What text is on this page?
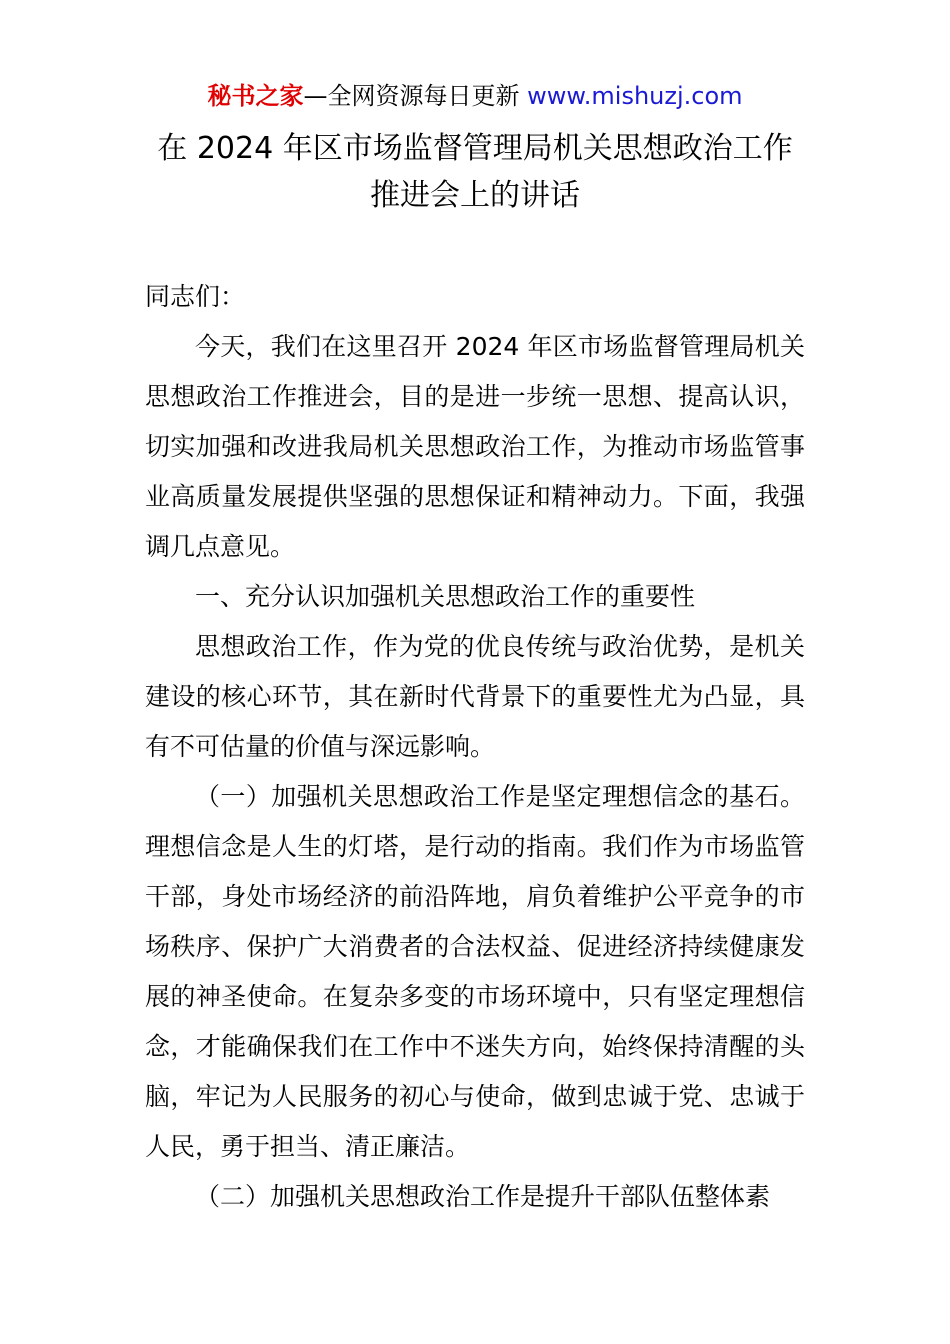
秘书之家—全网资源每日更新 www.mishuzj.com
在 2024 年区市场监督管理局机关思想政治工作
推进会上的讲话

同志们：

今天，我们在这里召开 2024 年区市场监督管理局机关思想政治工作推进会，目的是进一步统一思想、提高认识，切实加强和改进我局机关思想政治工作，为推动市场监管事业高质量发展提供坚强的思想保证和精神动力。下面，我强调几点意见。

一、充分认识加强机关思想政治工作的重要性

思想政治工作，作为党的优良传统与政治优势，是机关建设的核心环节，其在新时代背景下的重要性尤为凸显，具有不可估量的价值与深远影响。

（一）加强机关思想政治工作是坚定理想信念的基石。理想信念是人生的灯塔，是行动的指南。我们作为市场监管干部，身处市场经济的前沿阵地，肩负着维护公平竞争的市场秩序、保护广大消费者的合法权益、促进经济持续健康发展的神圣使命。在复杂多变的市场环境中，只有坚定理想信念，才能确保我们在工作中不迷失方向，始终保持清醒的头脑，牢记为人民服务的初心与使命，做到忠诚于党、忠诚于人民，勇于担当、清正廉洁。

（二）加强机关思想政治工作是提升干部队伍整体素
